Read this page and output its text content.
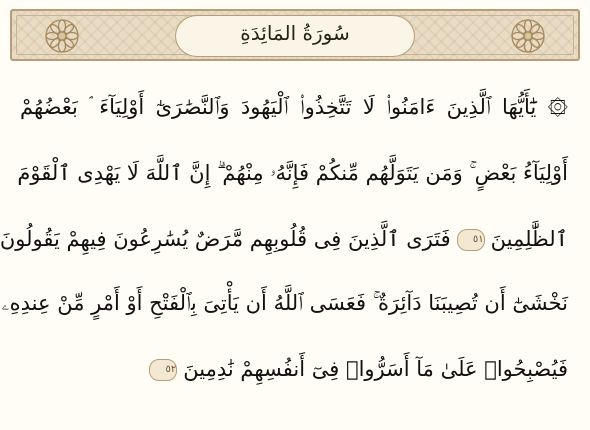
سُورَةُ المَائِدَةِ
۞ يَٰٓأَيُّهَا ٱلَّذِينَ ءَامَنُوا۟ لَا تَتَّخِذُوا۟ ٱلْيَهُودَ وَٱلنَّصَٰرَىٰٓ أَوْلِيَآءَ ۘ بَعْضُهُمْ
أَوْلِيَآءُ بَعْضٍ ۚ وَمَن يَتَوَلَّهُم مِّنكُمْ فَإِنَّهُۥ مِنْهُمْ ۗ إِنَّ ٱللَّهَ لَا يَهْدِى ٱلْقَوْمَ
ٱلظَّٰلِمِينَ٥١فَتَرَى ٱلَّذِينَ فِى قُلُوبِهِم مَّرَضٌ يُسَٰرِعُونَ فِيهِمْ يَقُولُونَ
نَخْشَىٰٓ أَن تُصِيبَنَا دَآئِرَةٌ ۚ فَعَسَى ٱللَّهُ أَن يَأْتِىَ بِٱلْفَتْحِ أَوْ أَمْرٍ مِّنْ عِندِهِۦ
فَيُصْبِحُوا۟ عَلَىٰ مَآ أَسَرُّوا۟ فِىٓ أَنفُسِهِمْ نَٰدِمِينَ٥٢
